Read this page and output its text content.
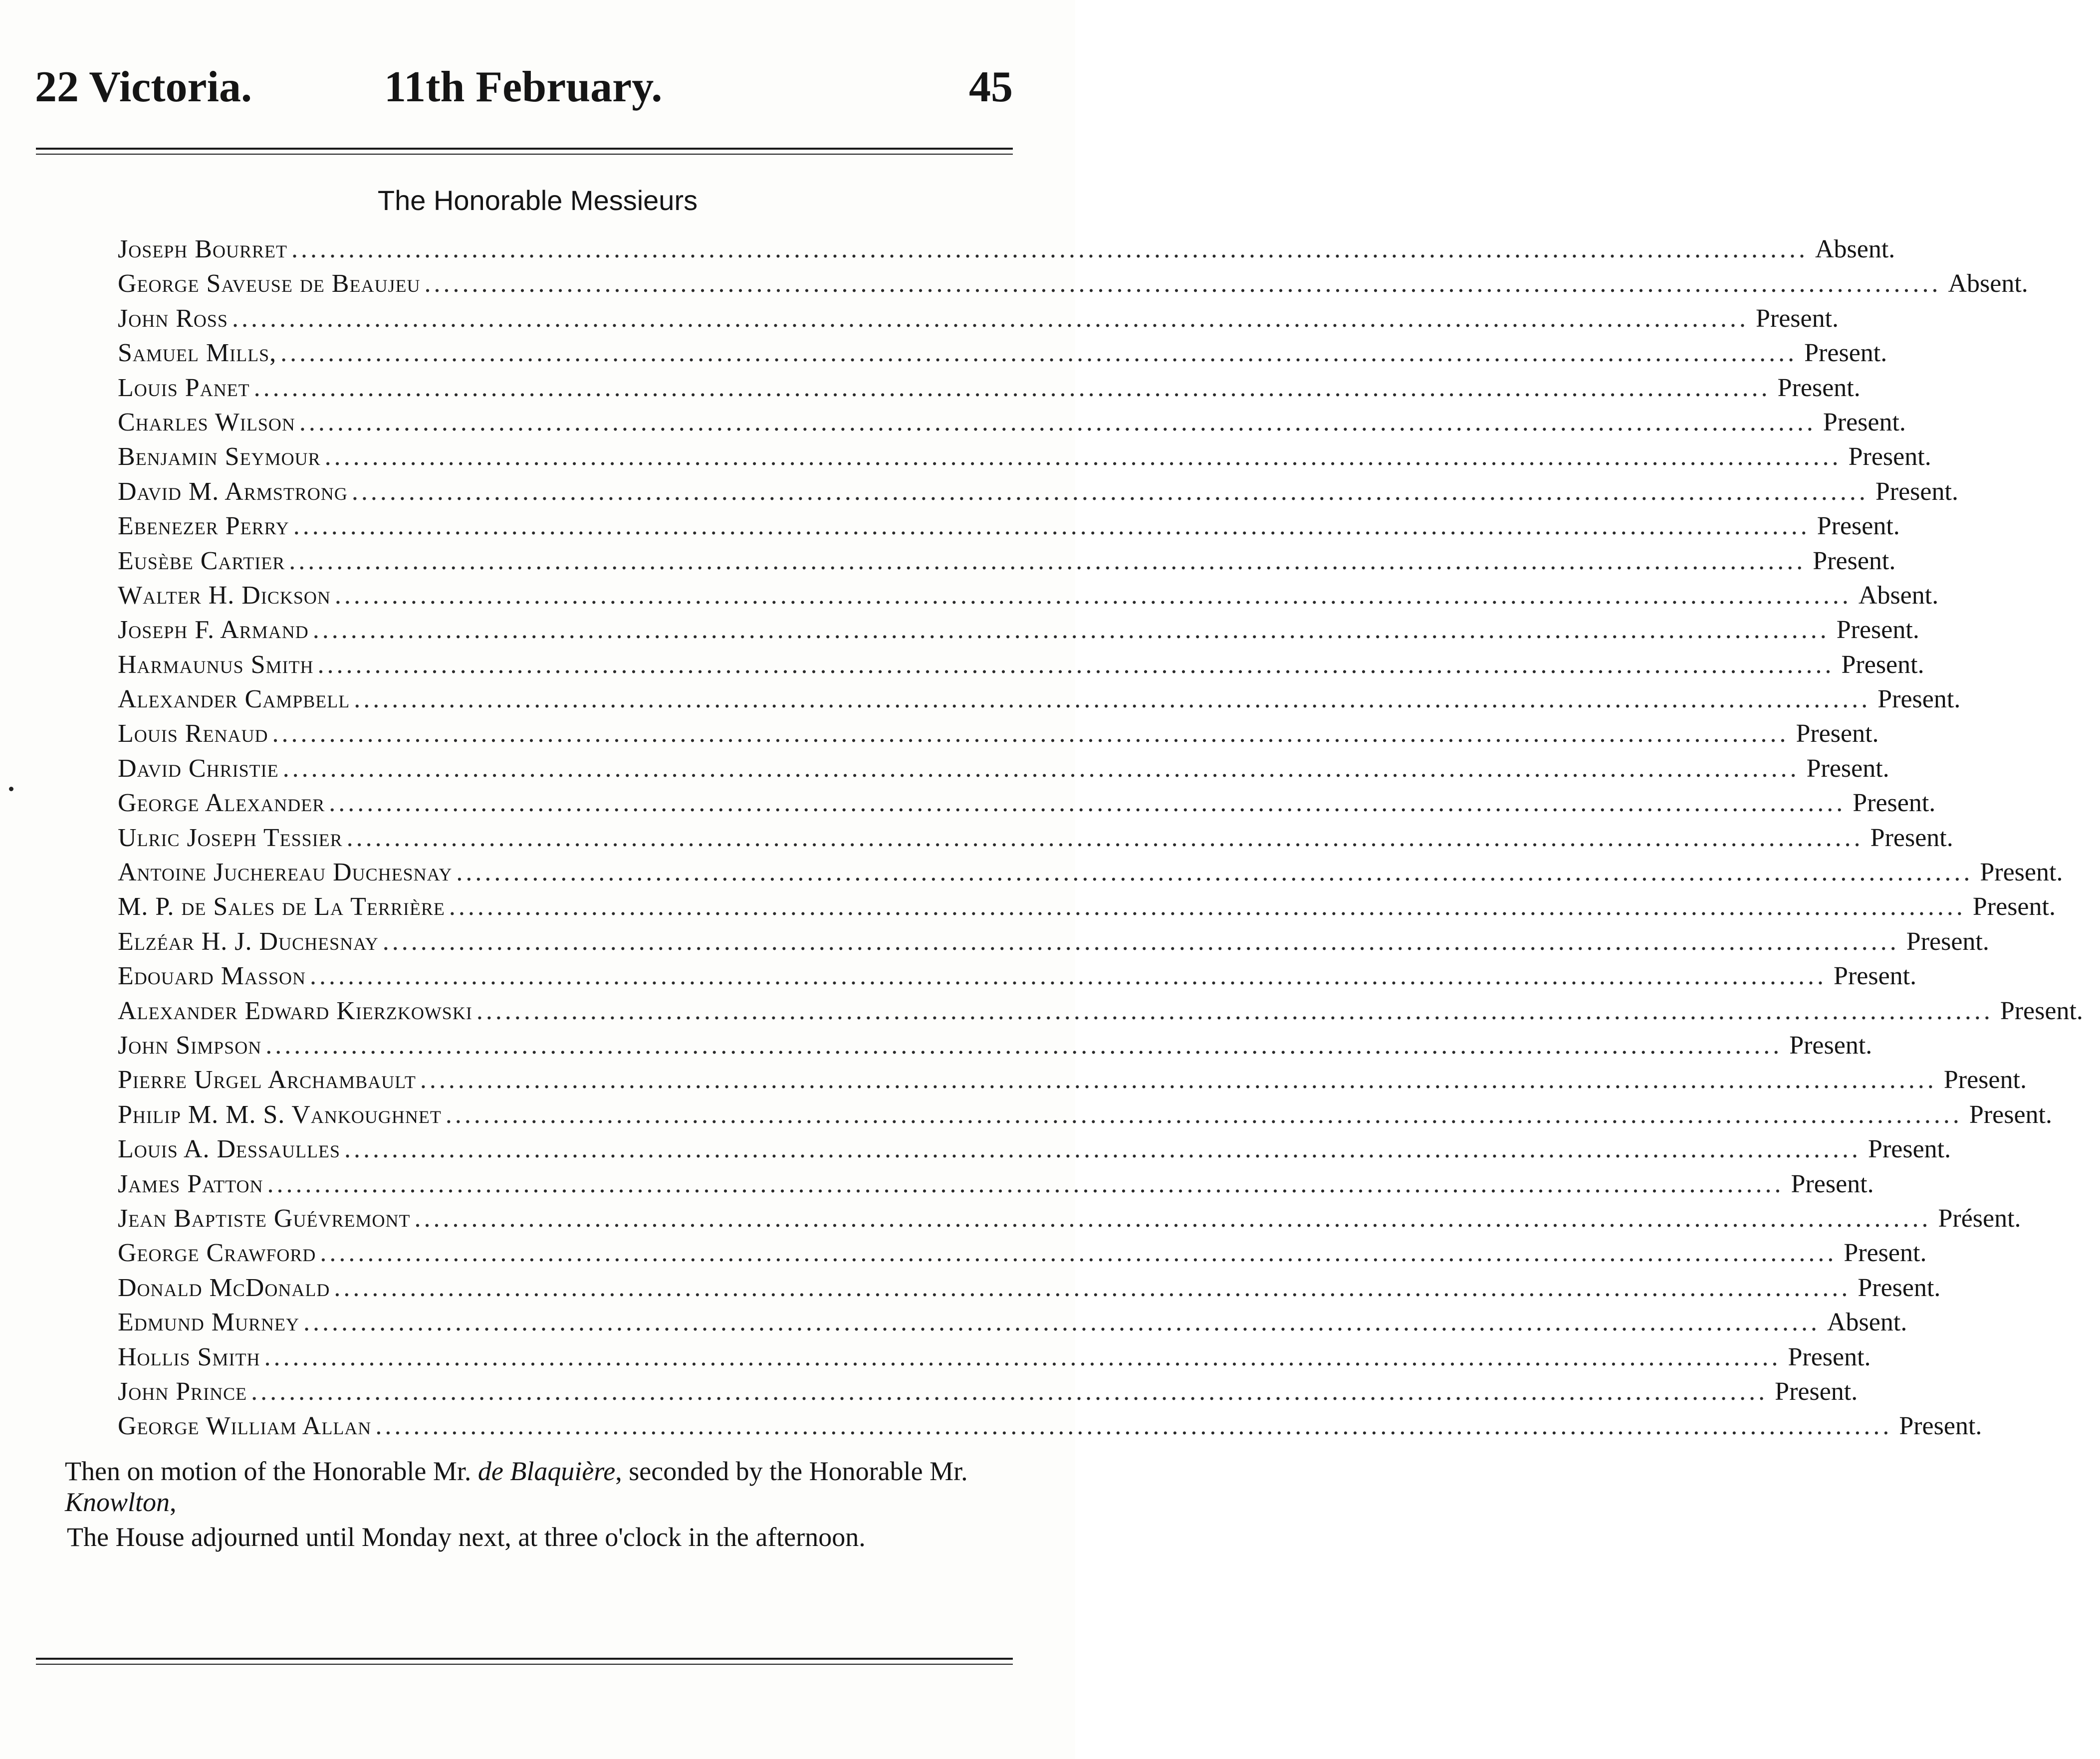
22 Victoria.	11th February.	45
The Honorable Messieurs
Joseph Bourret ................................................................................................................................................................ Absent.
George Saveuse de Beaujeu ................................................................................................................................................................ Absent.
John Ross ................................................................................................................................................................ Present.
Samuel Mills, ................................................................................................................................................................ Present.
Louis Panet ................................................................................................................................................................ Present.
Charles Wilson ................................................................................................................................................................ Present.
Benjamin Seymour ................................................................................................................................................................ Present.
David M. Armstrong ................................................................................................................................................................ Present.
Ebenezer Perry ................................................................................................................................................................ Present.
Eusèbe Cartier ................................................................................................................................................................ Present.
Walter H. Dickson ................................................................................................................................................................ Absent.
Joseph F. Armand ................................................................................................................................................................ Present.
Harmaunus Smith ................................................................................................................................................................ Present.
Alexander Campbell ................................................................................................................................................................ Present.
Louis Renaud ................................................................................................................................................................ Present.
David Christie ................................................................................................................................................................ Present.
George Alexander ................................................................................................................................................................ Present.
Ulric Joseph Tessier ................................................................................................................................................................ Present.
Antoine Juchereau Duchesnay ................................................................................................................................................................ Present.
M. P. de Sales de La Terrière ................................................................................................................................................................ Present.
Elzéar H. J. Duchesnay ................................................................................................................................................................ Present.
Edouard Masson ................................................................................................................................................................ Present.
Alexander Edward Kierzkowski ................................................................................................................................................................ Present.
John Simpson ................................................................................................................................................................ Present.
Pierre Urgel Archambault ................................................................................................................................................................ Present.
Philip M. M. S. Vankoughnet ................................................................................................................................................................ Present.
Louis A. Dessaulles ................................................................................................................................................................ Present.
James Patton ................................................................................................................................................................ Present.
Jean Baptiste Guévremont ................................................................................................................................................................ Présent.
George Crawford ................................................................................................................................................................ Present.
Donald McDonald ................................................................................................................................................................ Present.
Edmund Murney ................................................................................................................................................................ Absent.
Hollis Smith ................................................................................................................................................................ Present.
John Prince ................................................................................................................................................................ Present.
George William Allan ................................................................................................................................................................ Present.

Then on motion of the Honorable Mr. de Blaquière, seconded by the Honorable Mr. Knowlton,

The House adjourned until Monday next, at three o'clock in the afternoon.
